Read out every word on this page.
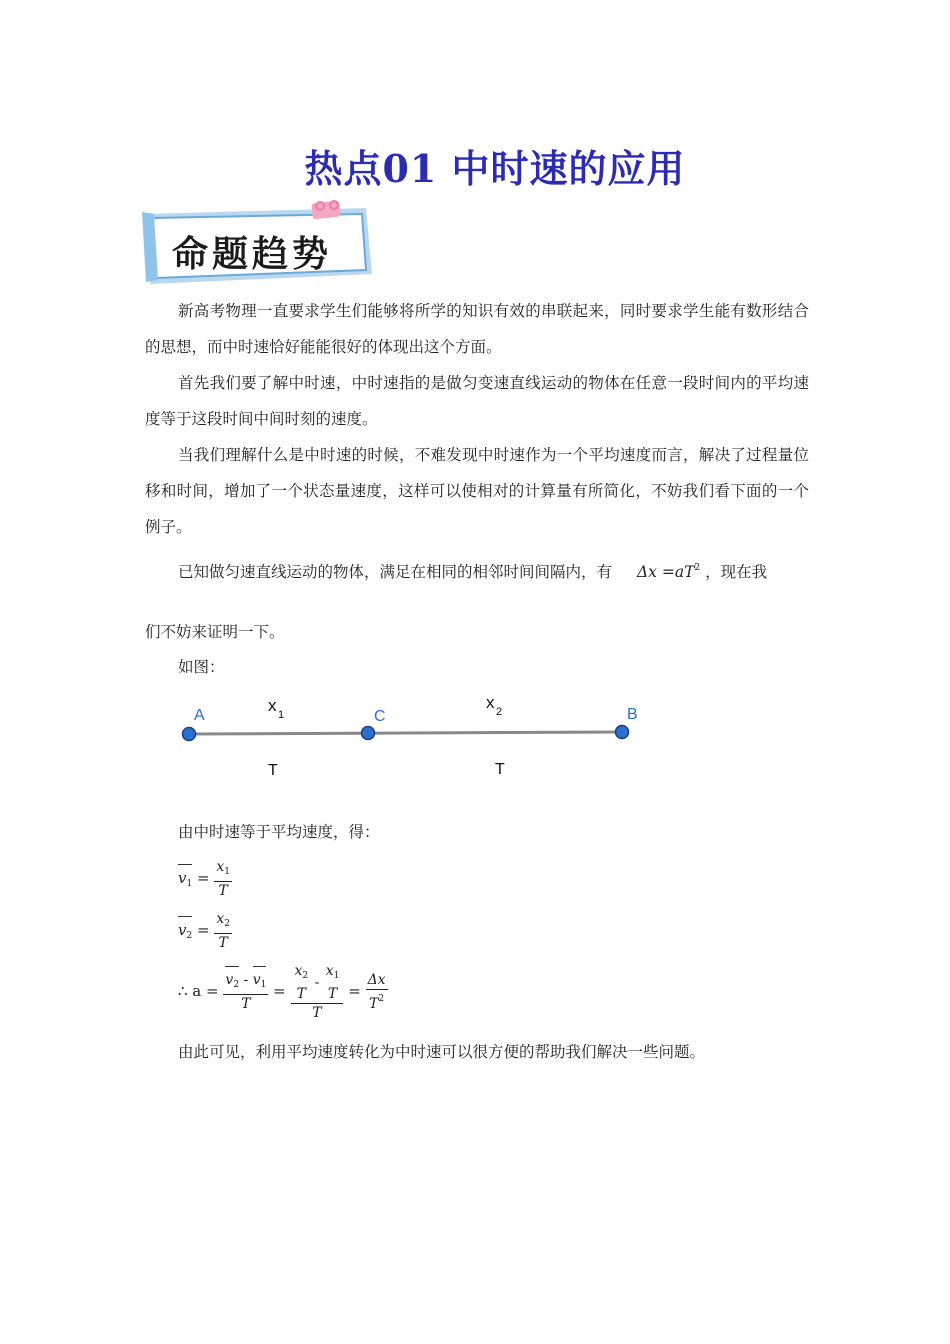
热点01 中时速的应用
命题趋势
新高考物理一直要求学生们能够将所学的知识有效的串联起来，同时要求学生能有数形结合的思想，而中时速恰好能能很好的体现出这个方面。
首先我们要了解中时速，中时速指的是做匀变速直线运动的物体在任意一段时间内的平均速度等于这段时间中间时刻的速度。
当我们理解什么是中时速的时候，不难发现中时速作为一个平均速度而言，解决了过程量位移和时间，增加了一个状态量速度，这样可以使相对的计算量有所简化，不妨我们看下面的一个例子。
已知做匀速直线运动的物体，满足在相同的相邻时间间隔内，有 $\Delta x =aT^2$ ，现在我
们不妨来证明一下。
如图：
A	C	B
x 1
x 2
T	T
由中时速等于平均速度，得：
$v_1 = \frac{x_1}{T}$
$v_2 = \frac{x_2}{T}$
∴ $a = \frac{v_2 - v_1}{T} = x_2$
T
-
$x_1$
T
$T = \frac{\Delta x}{T^2}$
由此可见，利用平均速度转化为中时速可以很方便的帮助我们解决一些问题。
